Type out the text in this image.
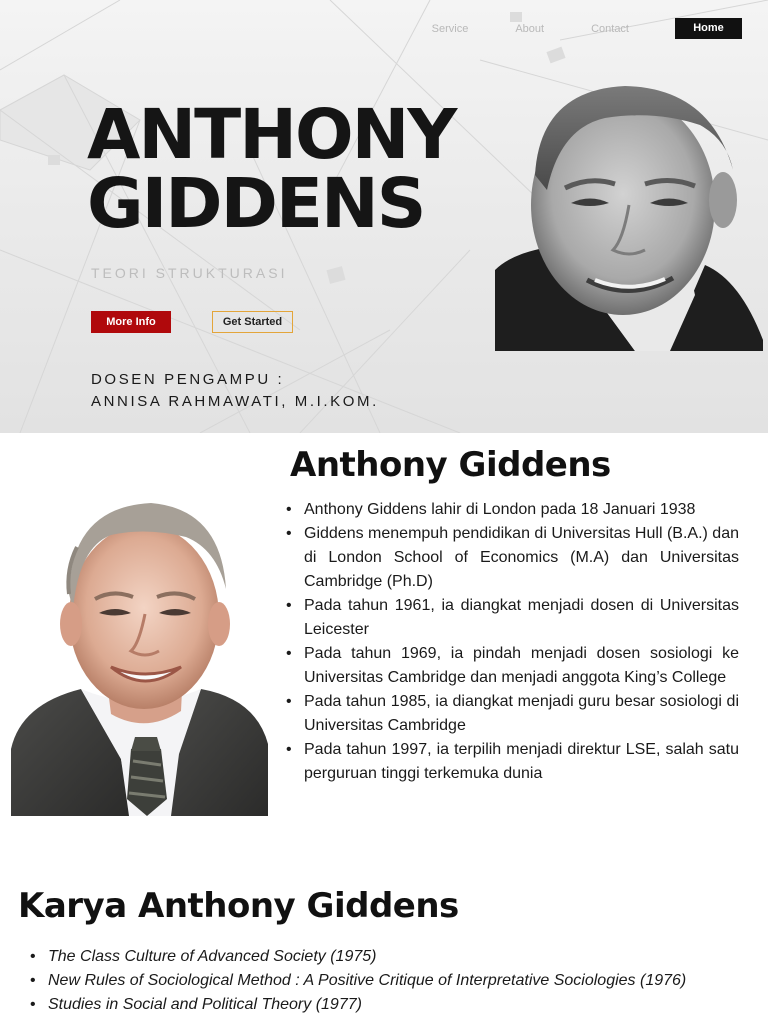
Service	About	Contact	Home
ANTHONY
GIDDENS
TEORI STRUKTURASI
More Info	Get Started
DOSEN PENGAMPU :
ANNISA RAHMAWATI, M.I.KOM.
Anthony Giddens
• Anthony Giddens lahir di London pada 18 Januari 1938
• Giddens menempuh pendidikan di Universitas Hull (B.A.) dan di London School of Economics (M.A) dan Universitas Cambridge (Ph.D)
• Pada tahun 1961, ia diangkat menjadi dosen di Universitas Leicester
• Pada tahun 1969, ia pindah menjadi dosen sosiologi ke Universitas Cambridge dan menjadi anggota King’s College
• Pada tahun 1985, ia diangkat menjadi guru besar sosiologi di Universitas Cambridge
• Pada tahun 1997, ia terpilih menjadi direktur LSE, salah satu perguruan tinggi terkemuka dunia
Karya Anthony Giddens
• The Class Culture of Advanced Society (1975)
• New Rules of Sociological Method : A Positive Critique of Interpretative Sociologies (1976)
• Studies in Social and Political Theory (1977)
